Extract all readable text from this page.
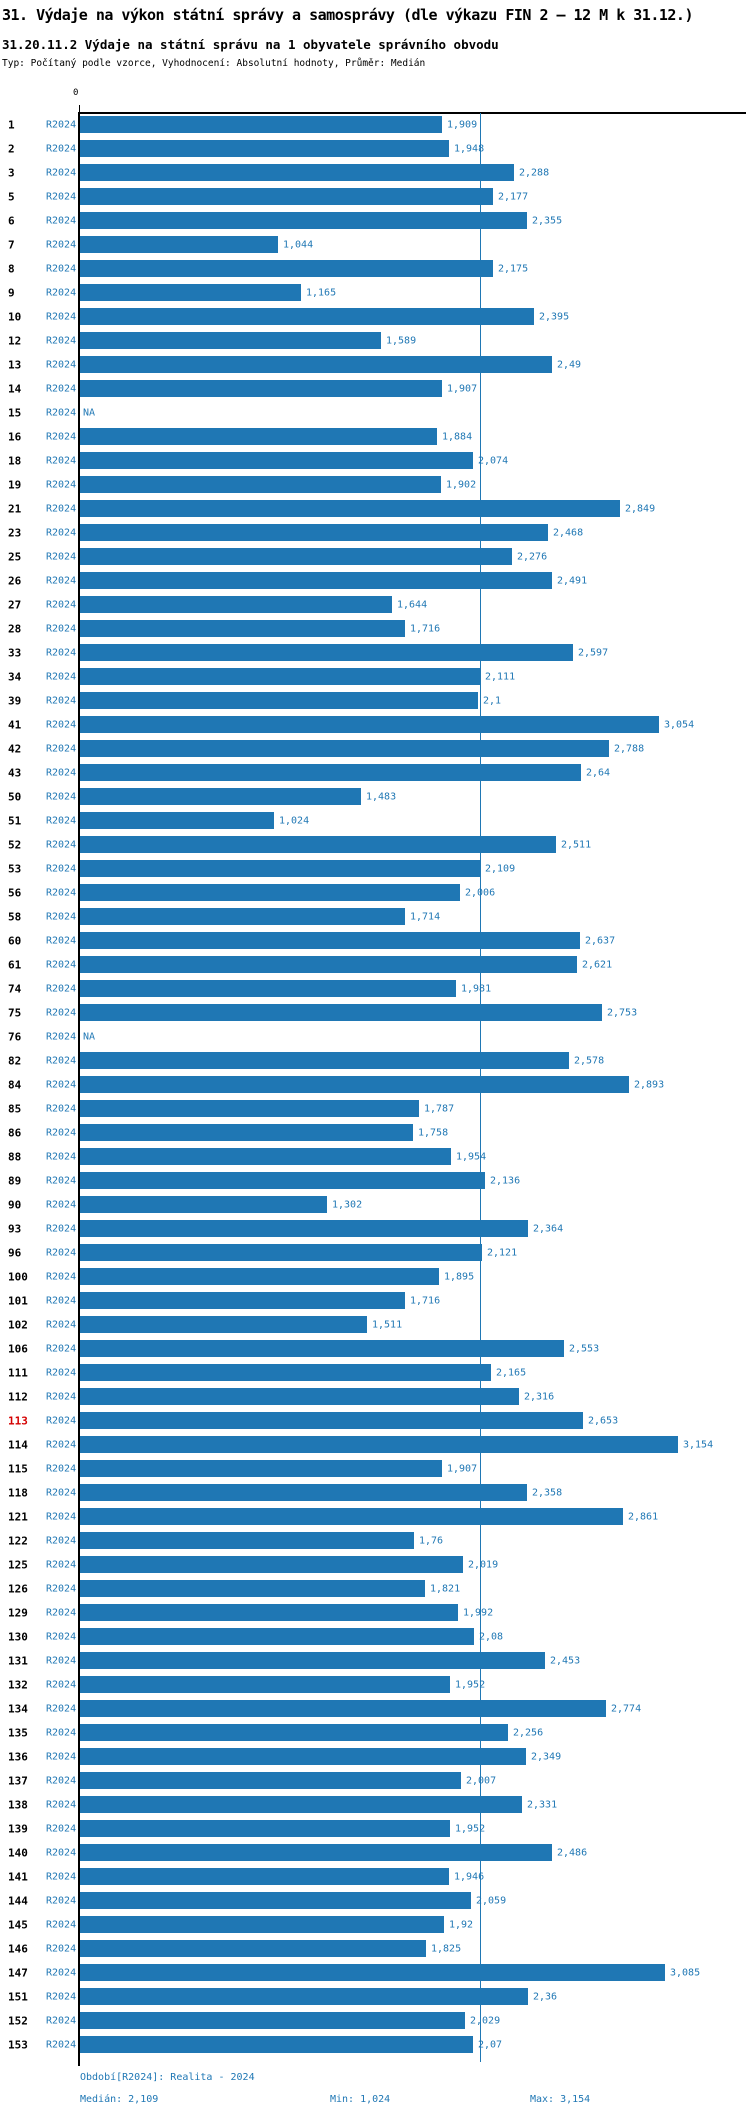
31. Výdaje na výkon státní správy a samosprávy (dle výkazu FIN 2 – 12 M k 31.12.)
31.20.11.2 Výdaje na státní správu na 1 obyvatele správního obvodu
Typ: Počítaný podle vzorce, Vyhodnocení: Absolutní hodnoty, Průměr: Medián
0
1	R2024	1,909
2	R2024	1,948
3	R2024	2,288
5	R2024	2,177
6	R2024	2,355
7	R2024	1,044
8	R2024	2,175
9	R2024	1,165
10 R2024	2,395
12 R2024	1,589
13 R2024	2,49
14 R2024	1,907
15 R2024 NA
16 R2024	1,884
18 R2024	2,074
19 R2024	1,902
21 R2024	2,849
23 R2024	2,468
25 R2024	2,276
26 R2024	2,491
27 R2024	1,644
28 R2024	1,716
33 R2024	2,597
34 R2024	2,111
39 R2024	2,1
41 R2024	3,054
42 R2024	2,788
43 R2024	2,64
50 R2024	1,483
51 R2024	1,024
52 R2024	2,511
53 R2024	2,109
56 R2024	2,006
58 R2024	1,714
60 R2024	2,637
61 R2024	2,621
74 R2024	1,981
75 R2024	2,753
76 R2024 NA
82 R2024	2,578
84 R2024	2,893
85 R2024	1,787
86 R2024	1,758
88 R2024	1,954
89 R2024	2,136
90 R2024	1,302
93 R2024	2,364
96 R2024	2,121
100 R2024	1,895
101 R2024	1,716
102 R2024	1,511
106 R2024	2,553
111 R2024	2,165
112 R2024	2,316
113 R2024	2,653
114 R2024	3,154
115 R2024	1,907
118 R2024	2,358
121 R2024	2,861
122 R2024	1,76
125 R2024	2,019
126 R2024	1,821
129 R2024	1,992
130 R2024	2,08
131 R2024	2,453
132 R2024	1,952
134 R2024	2,774
135 R2024	2,256
136 R2024	2,349
137 R2024	2,007
138 R2024	2,331
139 R2024	1,952
140 R2024	2,486
141 R2024	1,946
144 R2024	2,059
145 R2024	1,92
146 R2024	1,825
147 R2024	3,085
151 R2024	2,36
152 R2024	2,029
153 R2024	2,07
Období[R2024]: Realita - 2024
Medián: 2,109	Min: 1,024	Max: 3,154
